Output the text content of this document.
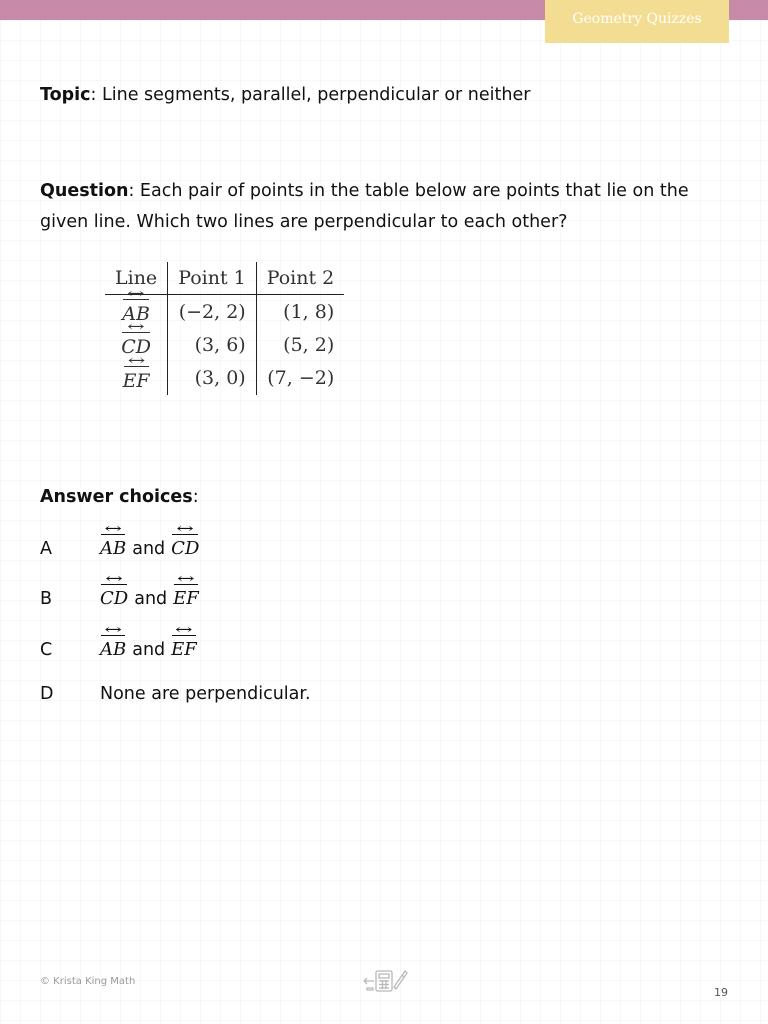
Geometry Quizzes
Topic: Line segments, parallel, perpendicular or neither
Question: Each pair of points in the table below are points that lie on the given line. Which two lines are perpendicular to each other?
Line	Point 1	Point 2
AB ↔	(−2, 2)	(1, 8)
CD ↔	(3, 6)	(5, 2)
EF ↔	(3, 0)	(7, −2)
Answer choices:
A	AB ↔ and CD ↔
B	CD ↔ and EF ↔
C	AB ↔ and EF ↔
D	None are perpendicular.
© Krista King Math
19
